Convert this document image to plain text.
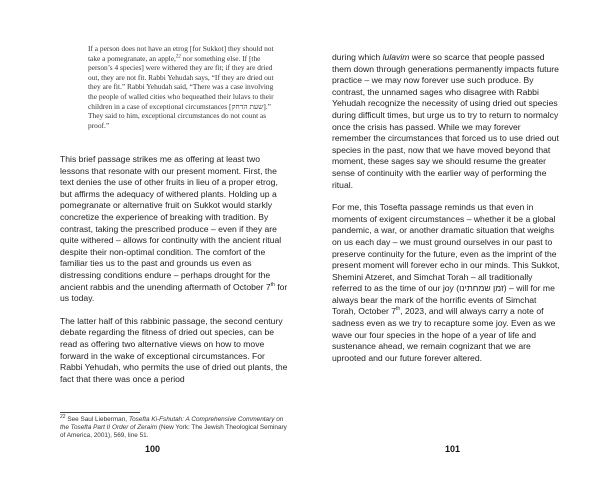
If a person does not have an etrog [for Sukkot] they should not take a pomegranate, an apple,$^{22}$ nor something else. If [the person’s 4 species] were withered they are fit; if they are dried out, they are not fit. Rabbi Yehudah says, “If they are dried out they are fit.” Rabbi Yehudah said, “There was a case involving the people of walled cities who bequeathed their lulavs to their children in a case of exceptional circumstances [שעת הדחק].” They said to him, exceptional circumstances do not count as proof.”

This brief passage strikes me as offering at least two lessons that resonate with our present moment. First, the text denies the use of other fruits in lieu of a proper etrog, but affirms the adequacy of withered plants. Holding up a pomegranate or alternative fruit on Sukkot would starkly concretize the experience of breaking with tradition. By contrast, taking the prescribed produce – even if they are quite withered – allows for continuity with the ancient ritual despite their non-optimal condition. The comfort of the familiar ties us to the past and grounds us even as distressing conditions endure – perhaps drought for the ancient rabbis and the unending aftermath of October 7th for us today.

The latter half of this rabbinic passage, the second century debate regarding the fitness of dried out species, can be read as offering two alternative views on how to move forward in the wake of exceptional circumstances. For Rabbi Yehudah, who permits the use of dried out plants, the fact that there was once a period

$^{22}$ See Saul Lieberman, Tosefta Ki-Fshutah: A Comprehensive Commentary on the Tosefta Part II Order of Zeraim (New York: The Jewish Theological Seminary of America, 2001), 569, line 51.
100

during which lulavim were so scarce that people passed them down through generations permanently impacts future practice – we may now forever use such produce. By contrast, the unnamed sages who disagree with Rabbi Yehudah recognize the necessity of using dried out species during difficult times, but urge us to try to return to normalcy once the crisis has passed. While we may forever remember the circumstances that forced us to use dried out species in the past, now that we have moved beyond that moment, these sages say we should resume the greater sense of continuity with the earlier way of performing the ritual.

For me, this Tosefta passage reminds us that even in moments of exigent circumstances – whether it be a global pandemic, a war, or another dramatic situation that weighs on us each day – we must ground ourselves in our past to preserve continuity for the future, even as the imprint of the present moment will forever echo in our minds. This Sukkot, Shemini Atzeret, and Simchat Torah – all traditionally referred to as the time of our joy (זמן שמחתינו) – will for me always bear the mark of the horrific events of Simchat Torah, October 7th, 2023, and will always carry a note of sadness even as we try to recapture some joy. Even as we wave our four species in the hope of a year of life and sustenance ahead, we remain cognizant that we are uprooted and our future forever altered.

101
